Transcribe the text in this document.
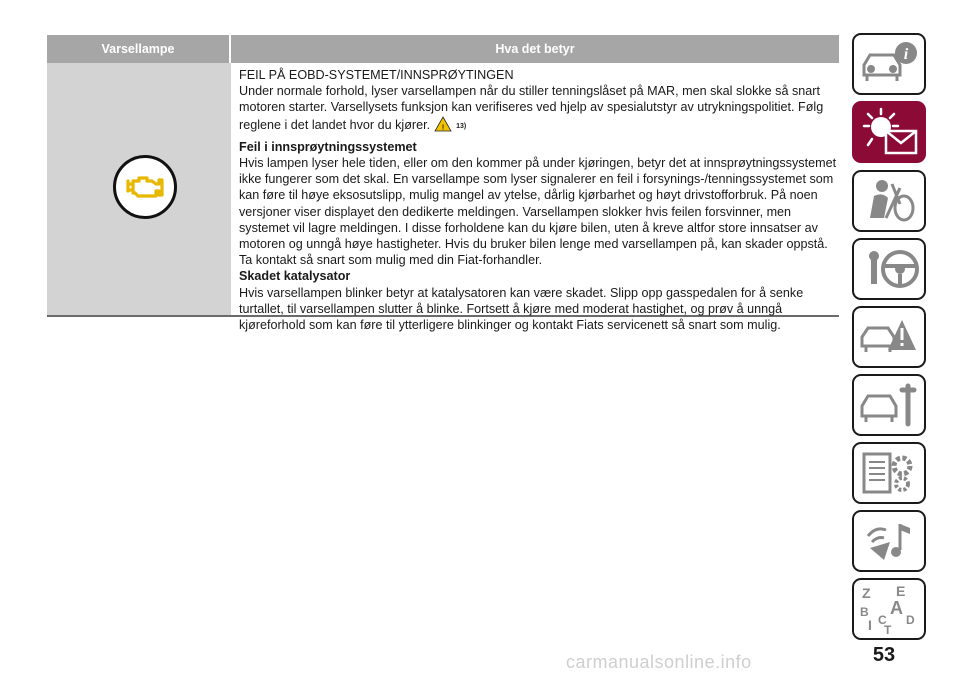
Varsellampe	Hva det betyr

FEIL PÅ EOBD-SYSTEMET/INNSPRØYTINGEN

Under normale forhold, lyser varsellampen når du stiller tenningslåset på MAR, men skal slokke så snart motoren starter. Varsellysets funksjon kan verifiseres ved hjelp av spesialutstyr av utrykningspolitiet. Følg reglene i det landet hvor du kjører. ! 13)

Feil i innsprøytningssystemet

Hvis lampen lyser hele tiden, eller om den kommer på under kjøringen, betyr det at innsprøytningssystemet ikke fungerer som det skal. En varsellampe som lyser signalerer en feil i forsynings-/tenningssystemet som kan føre til høye eksosutslipp, mulig mangel av ytelse, dårlig kjørbarhet og høyt drivstofforbruk. På noen versjoner viser displayet den dedikerte meldingen. Varsellampen slokker hvis feilen forsvinner, men systemet vil lagre meldingen. I disse forholdene kan du kjøre bilen, uten å kreve altfor store innsatser av motoren og unngå høye hastigheter. Hvis du bruker bilen lenge med varsellampen på, kan skader oppstå. Ta kontakt så snart som mulig med din Fiat-forhandler.

Skadet katalysator

Hvis varsellampen blinker betyr at katalysatoren kan være skadet. Slipp opp gasspedalen for å senke turtallet, til varsellampen slutter å blinke. Fortsett å kjøre med moderat hastighet, og prøv å unngå kjøreforhold som kan føre til ytterligere blinkinger og kontakt Fiats servicenett så snart som mulig.

i
Z E
A
B
C D
I T
53
carmanualsonline.info
